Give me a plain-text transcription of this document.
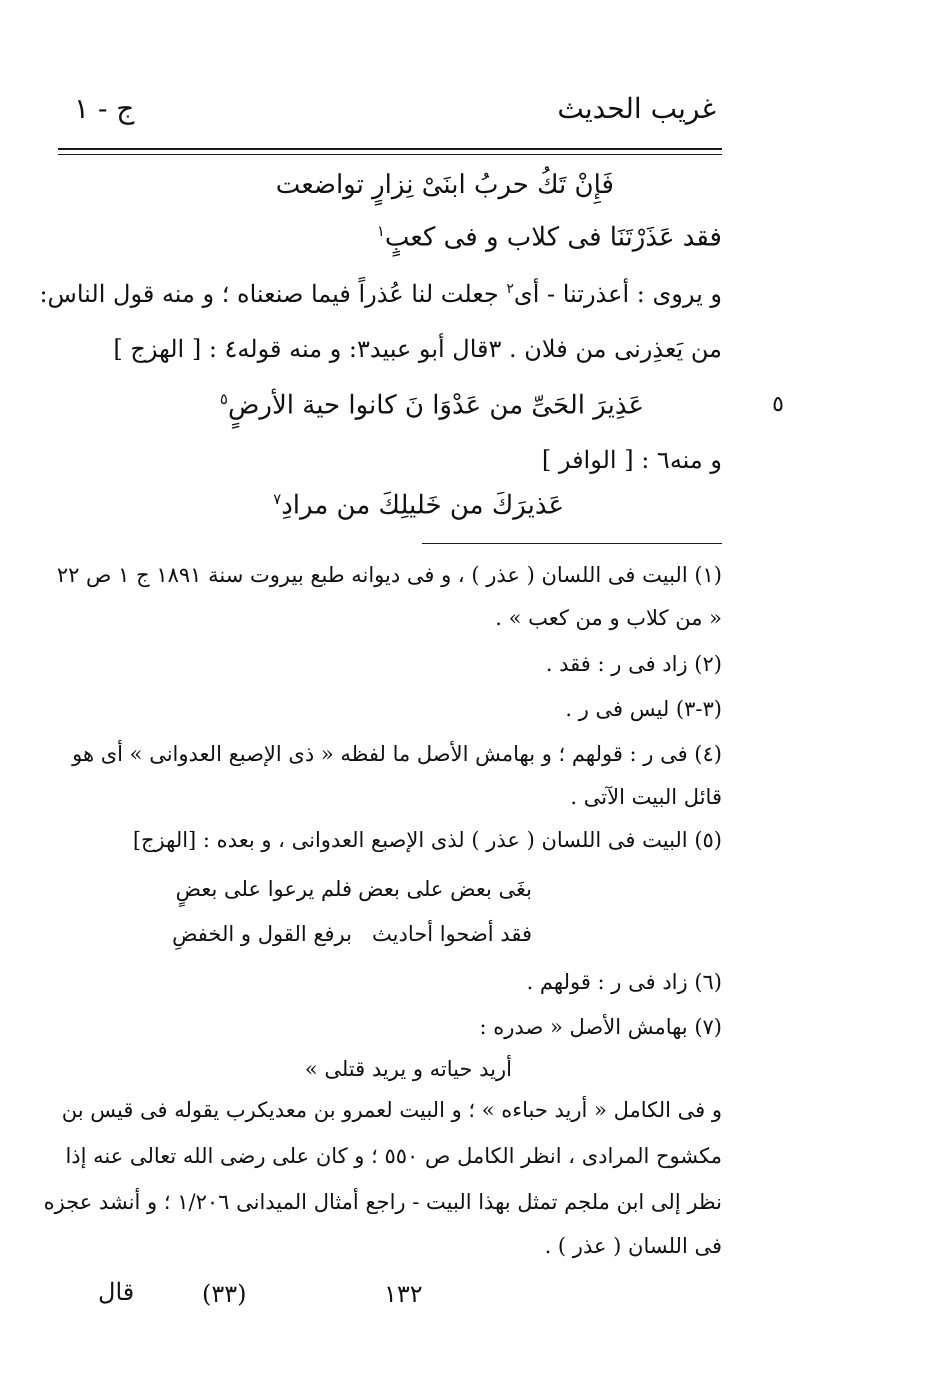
غريب الحديث
ج - ١
فَإِنْ تَكُ حربُ ابنَىْ نِزارٍ تواضعت
فقد عَذَرْتَنَا فى كلاب و فى كعبٍ$^١$
و يروى : أعذرتنا - أى$^٢$ جعلت لنا عُذراً فيما صنعناه ؛ و منه قول الناس:
من يَعذِرنى من فلان . ٣قال أبو عبيد٣: و منه قوله٤ : [ الهزج ]
٥
عَذِيرَ الحَىِّ من عَدْوَا نَ كانوا حية الأرضٍ$^٥$
و منه٦ : [ الوافر ]
عَذيرَكَ من خَليلِكَ من مرادِ$^٧$
(١) البيت فى اللسان ( عذر ) ، و فى ديوانه طبع بيروت سنة ١٨٩١ ج ١ ص ٢٢
« من كلاب و من كعب » .
(٢) زاد فى ر : فقد .
(٣-٣) ليس فى ر .
(٤) فى ر : قولهم ؛ و بهامش الأصل ما لفظه « ذى الإصبع العدوانى » أى هو
قائل البيت الآتى .
(٥) البيت فى اللسان ( عذر ) لذى الإصبع العدوانى ، و بعده : [الهزج]
بغَى بعض على بعض
فلم يرعوا على بعضٍ
فقد أضحوا أحاديث
برفع القول و الخفضِ
(٦) زاد فى ر : قولهم .
(٧) بهامش الأصل « صدره :
أريد حياته و يريد قتلى »
و فى الكامل « أريد حباءه » ؛ و البيت لعمرو بن معديكرب يقوله فى قيس بن
مكشوح المرادى ، انظر الكامل ص ٥٥٠ ؛ و كان على رضى الله تعالى عنه إذا
نظر إلى ابن ملجم تمثل بهذا البيت - راجع أمثال الميدانى ١/٢٠٦ ؛ و أنشد عجزه
فى اللسان ( عذر ) .
١٣٢
(٣٣)
قال
